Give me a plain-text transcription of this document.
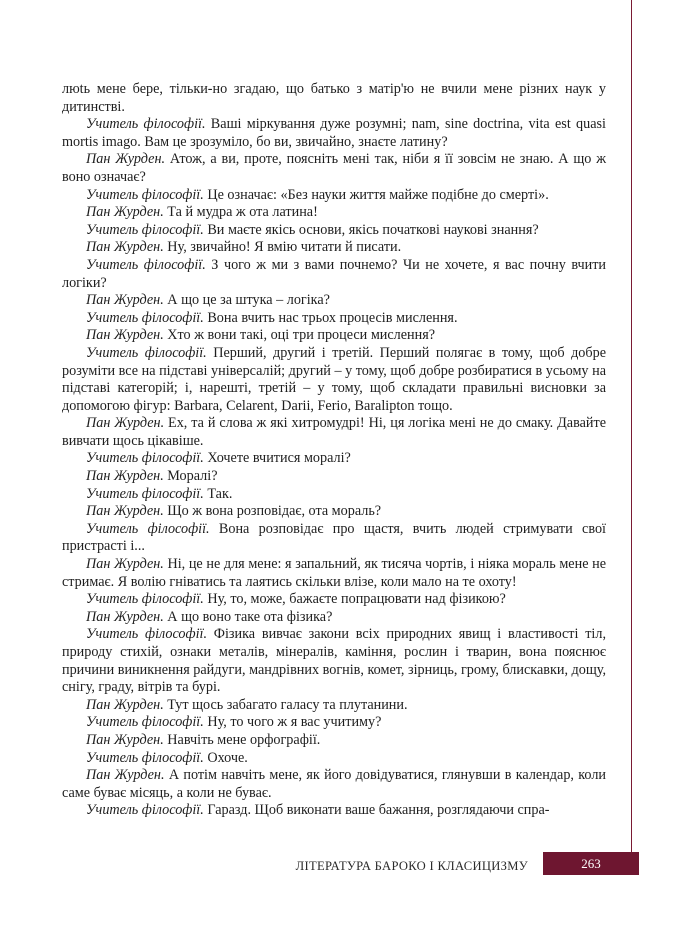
люtь мене бере, тільки-но згадаю, що батько з матір'ю не вчили мене різних наук у дитинстві.

Учитель філософії. Ваші міркування дуже розумні; nam, sine doctrina, vita est quasi mortis imago. Вам це зрозуміло, бо ви, звичайно, знаєте латину?

Пан Журден. Атож, а ви, проте, поясніть мені так, ніби я її зовсім не знаю. А що ж воно означає?

Учитель філософії. Це означає: «Без науки життя майже подібне до смерті».

Пан Журден. Та й мудра ж ота латина!

Учитель філософії. Ви маєте якісь основи, якісь початкові наукові знання?

Пан Журден. Ну, звичайно! Я вмію читати й писати.

Учитель філософії. З чого ж ми з вами почнемо? Чи не хочете, я вас почну вчити логіки?

Пан Журден. А що це за штука – логіка?

Учитель філософії. Вона вчить нас трьох процесів мислення.

Пан Журден. Хто ж вони такі, оці три процеси мислення?

Учитель філософії. Перший, другий і третій. Перший полягає в тому, щоб добре розуміти все на підставі універсалій; другий – у тому, щоб добре розбиратися в усьому на підставі категорій; і, нарешті, третій – у тому, щоб складати правильні висновки за допомогою фігур: Barbara, Celarent, Darii, Ferio, Baralipton тощо.

Пан Журден. Ех, та й слова ж які хитромудрі! Ні, ця логіка мені не до смаку. Давайте вивчати щось цікавіше.

Учитель філософії. Хочете вчитися моралі?

Пан Журден. Моралі?

Учитель філософії. Так.

Пан Журден. Що ж вона розповідає, ота мораль?

Учитель філософії. Вона розповідає про щастя, вчить людей стримувати свої пристрасті і...

Пан Журден. Ні, це не для мене: я запальний, як тисяча чортів, і ніяка мораль мене не стримає. Я волію гніватись та лаятись скільки влізе, коли мало на те охоту!

Учитель філософії. Ну, то, може, бажаєте попрацювати над фізикою?

Пан Журден. А що воно таке ота фізика?

Учитель філософії. Фізика вивчає закони всіх природних явищ і властивості тіл, природу стихій, ознаки металів, мінералів, каміння, рослин і тварин, вона пояснює причини виникнення райдуги, мандрівних вогнів, комет, зірниць, грому, блискавки, дощу, снігу, граду, вітрів та бурі.

Пан Журден. Тут щось забагато галасу та плутанини.

Учитель філософії. Ну, то чого ж я вас учитиму?

Пан Журден. Навчіть мене орфографії.

Учитель філософії. Охоче.

Пан Журден. А потім навчіть мене, як його довідуватися, глянувши в календар, коли саме буває місяць, а коли не буває.

Учитель філософії. Гаразд. Щоб виконати ваше бажання, розглядаючи спра-

ЛІТЕРАТУРА БАРОКО І КЛАСИЦИЗМУ	263
